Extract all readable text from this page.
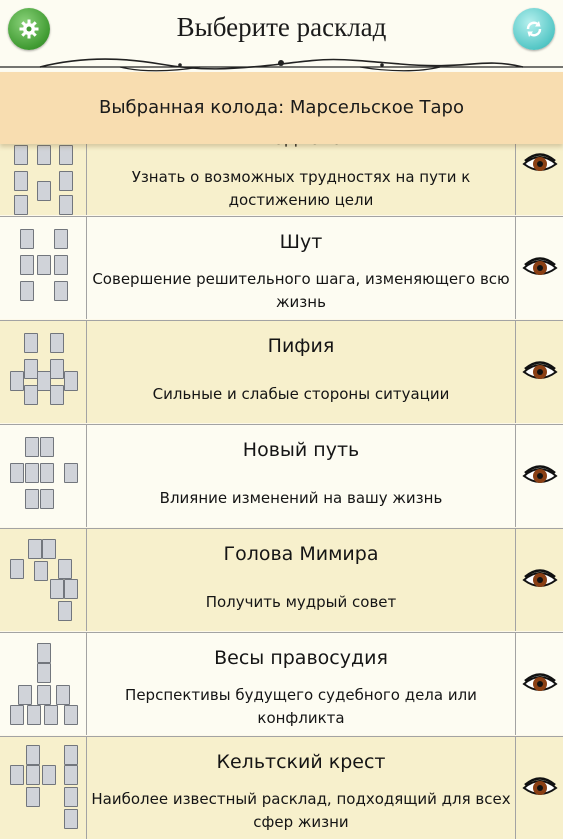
Выберите расклад
Выбранная колода: Марсельское Таро
Узнать о возможных трудностях на пути к достижению цели
Шут
Совершение решительного шага, изменяющего всю жизнь
Пифия
Сильные и слабые стороны ситуации
Новый путь
Влияние изменений на вашу жизнь
Голова Мимира
Получить мудрый совет
Весы правосудия
Перспективы будущего судебного дела или конфликта
Кельтский крест
Наиболее известный расклад, подходящий для всех сфер жизни
